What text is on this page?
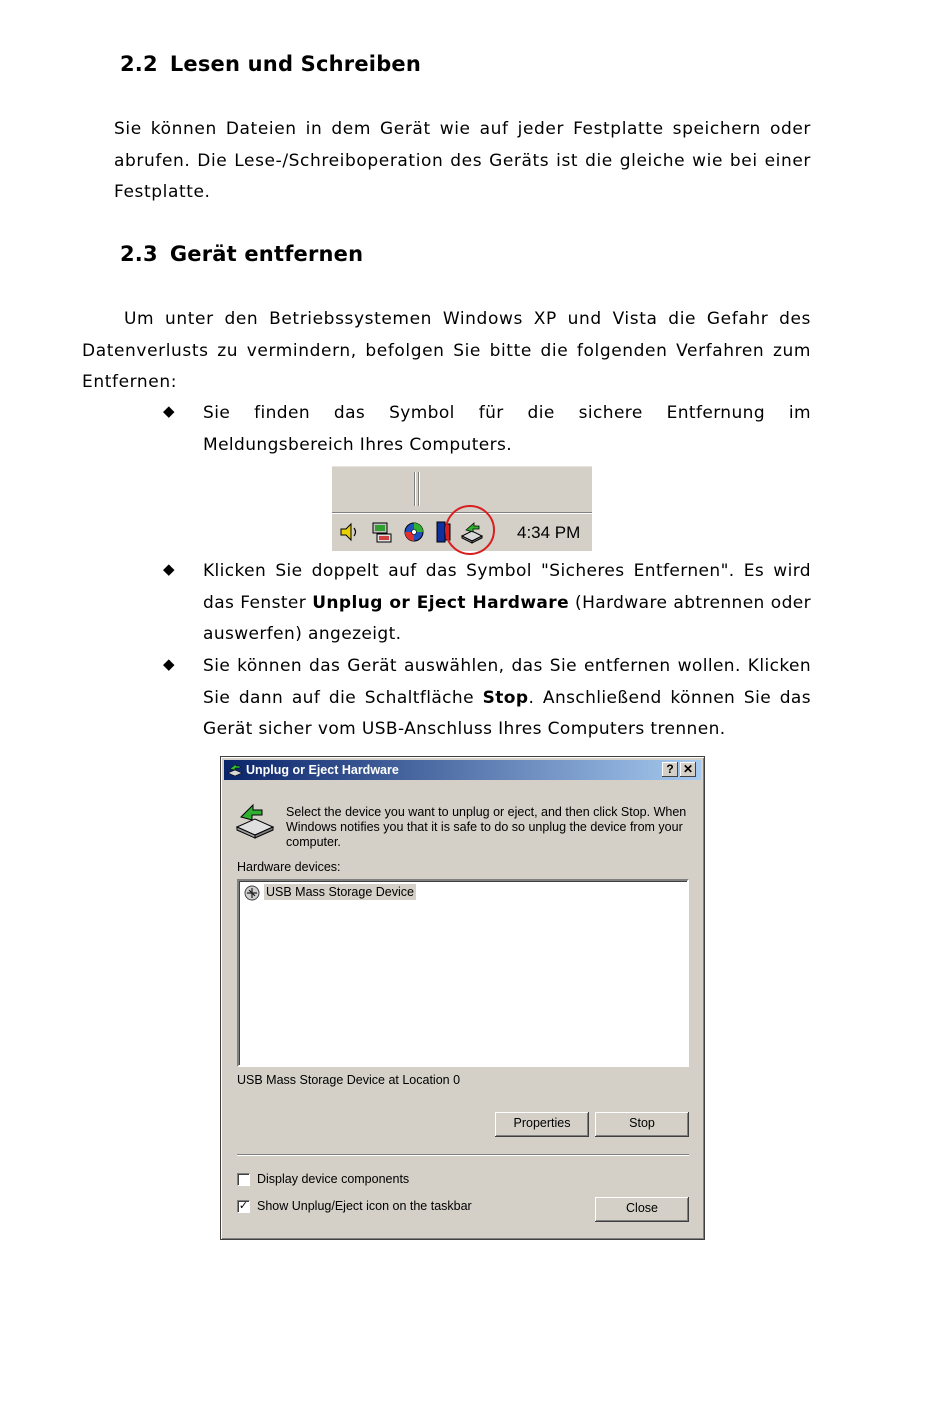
2.2 Lesen und Schreiben

Sie können Dateien in dem Gerät wie auf jeder Festplatte speichern oder abrufen. Die Lese-/Schreiboperation des Geräts ist die gleiche wie bei einer Festplatte.

2.3 Gerät entfernen

Um unter den Betriebssystemen Windows XP und Vista die Gefahr des Datenverlusts zu vermindern, befolgen Sie bitte die folgenden Verfahren zum Entfernen:

◆ Sie finden das Symbol für die sichere Entfernung im Meldungsbereich Ihres Computers.

4:34 PM
◆ Klicken Sie doppelt auf das Symbol "Sicheres Entfernen". Es wird das Fenster Unplug or Eject Hardware (Hardware abtrennen oder auswerfen) angezeigt.

◆ Sie können das Gerät auswählen, das Sie entfernen wollen. Klicken Sie dann auf die Schaltfläche Stop. Anschließend können Sie das Gerät sicher vom USB-Anschluss Ihres Computers trennen.

Unplug or Eject Hardware	? ✕
Select the device you want to unplug or eject, and then click Stop. When Windows notifies you that it is safe to do so unplug the device from your computer.
Hardware devices:
USB Mass Storage Device
USB Mass Storage Device at Location 0
Properties	Stop
Display device components
✓ Show Unplug/Eject icon on the taskbar	Close
